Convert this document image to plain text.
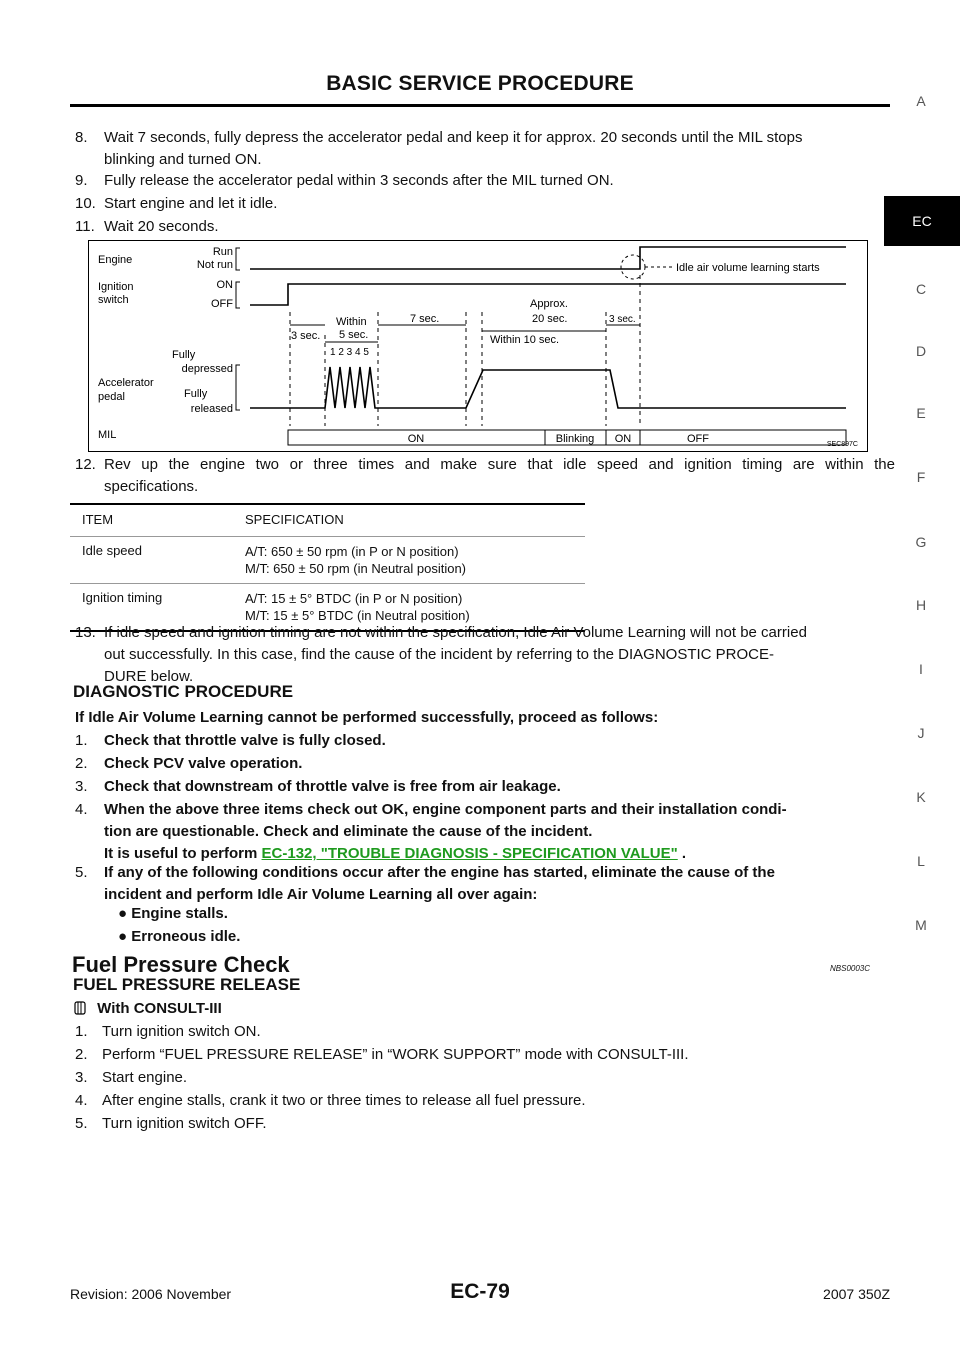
BASIC SERVICE PROCEDURE
A
EC
C
D
E
F
G
H
I
J
K
L
M
8. Wait 7 seconds, fully depress the accelerator pedal and keep it for approx. 20 seconds until the MIL stops
blinking and turned ON.
9. Fully release the accelerator pedal within 3 seconds after the MIL turned ON.
10. Start engine and let it idle.
11. Wait 20 seconds.
Engine
Run
Not run
Ignition
switch
ON
OFF
Fully
depressed
Accelerator
pedal	Fully
released
MIL
3 sec.
Within
5 sec.
1 2 3 4 5
7 sec.
Approx.
20 sec.
Within 10 sec.
3 sec.
Idle air volume learning starts
ON	Blinking ON	OFF	SEC897C
12. Rev up the engine two or three times and make sure that idle speed and ignition timing are within the
specifications.
ITEM	SPECIFICATION
Idle speed	A/T: 650 ± 50 rpm (in P or N position)
M/T: 650 ± 50 rpm (in Neutral position)

Ignition timing	A/T: 15 ± 5° BTDC (in P or N position)
M/T: 15 ± 5° BTDC (in Neutral position)
13. If idle speed and ignition timing are not within the specification, Idle Air Volume Learning will not be carried
out successfully. In this case, find the cause of the incident by referring to the DIAGNOSTIC PROCE-
DURE below.
DIAGNOSTIC PROCEDURE
If Idle Air Volume Learning cannot be performed successfully, proceed as follows:
1. Check that throttle valve is fully closed.
2. Check PCV valve operation.
3. Check that downstream of throttle valve is free from air leakage.
4. When the above three items check out OK, engine component parts and their installation condi-
tion are questionable. Check and eliminate the cause of the incident.
It is useful to perform EC-132, "TROUBLE DIAGNOSIS - SPECIFICATION VALUE" .
5. If any of the following conditions occur after the engine has started, eliminate the cause of the
incident and perform Idle Air Volume Learning all over again:
● Engine stalls.
● Erroneous idle.
Fuel Pressure Check	NBS0003C
FUEL PRESSURE RELEASE
With CONSULT-III
1. Turn ignition switch ON.
2. Perform “FUEL PRESSURE RELEASE” in “WORK SUPPORT” mode with CONSULT-III.
3. Start engine.
4. After engine stalls, crank it two or three times to release all fuel pressure.
5. Turn ignition switch OFF.
Revision: 2006 November	EC-79	2007 350Z
